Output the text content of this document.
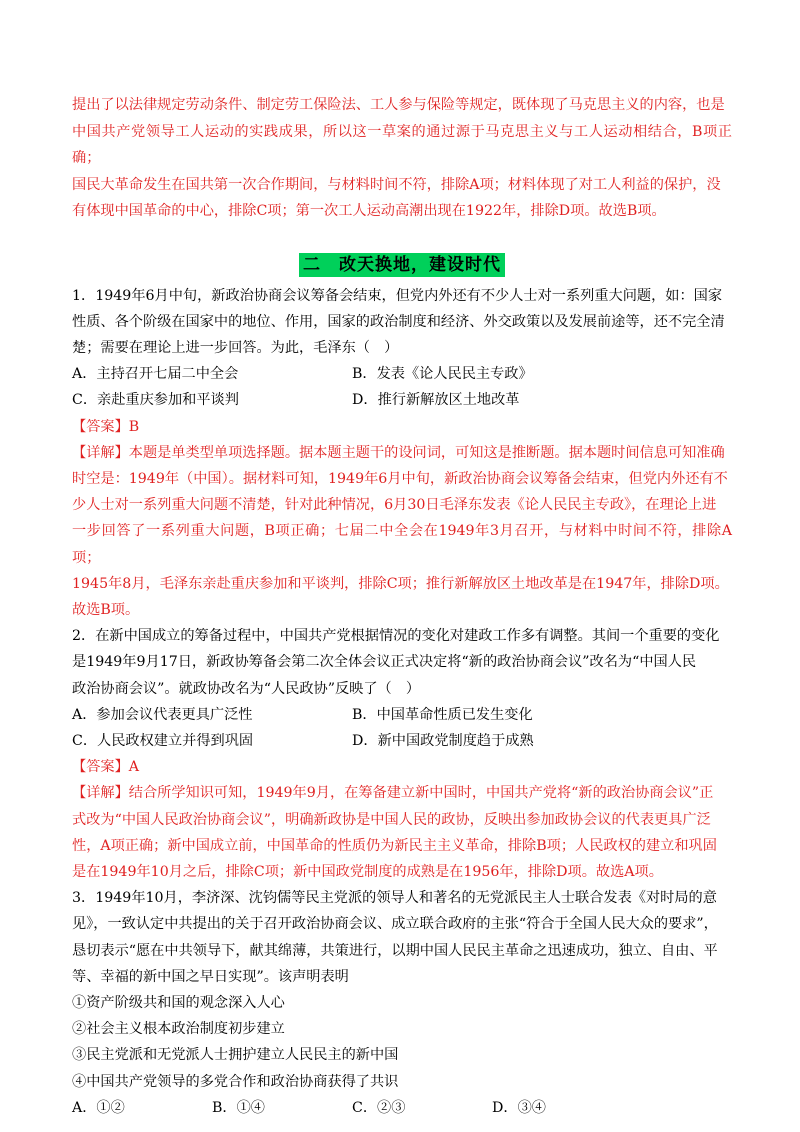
提出了以法律规定劳动条件、制定劳工保险法、工人参与保险等规定，既体现了马克思主义的内容，也是

中国共产党领导工人运动的实践成果，所以这一草案的通过源于马克思主义与工人运动相结合，B项正确；

国民大革命发生在国共第一次合作期间，与材料时间不符，排除A项；材料体现了对工人利益的保护，没

有体现中国革命的中心，排除C项；第一次工人运动高潮出现在1922年，排除D项。故选B项。

二　改天换地，建设时代

1．1949年6月中旬，新政治协商会议筹备会结束，但党内外还有不少人士对一系列重大问题，如：国家

性质、各个阶级在国家中的地位、作用，国家的政治制度和经济、外交政策以及发展前途等，还不完全清

楚；需要在理论上进一步回答。为此，毛泽东（　）

A．主持召开七届二中全会	B．发表《论人民民主专政》

C．亲赴重庆参加和平谈判	D．推行新解放区土地改革

【答案】B

【详解】本题是单类型单项选择题。据本题主题干的设问词，可知这是推断题。据本题时间信息可知准确

时空是：1949年（中国）。据材料可知，1949年6月中旬，新政治协商会议筹备会结束，但党内外还有不

少人士对一系列重大问题不清楚，针对此种情况，6月30日毛泽东发表《论人民民主专政》，在理论上进

一步回答了一系列重大问题，B项正确；七届二中全会在1949年3月召开，与材料中时间不符，排除A项；

1945年8月，毛泽东亲赴重庆参加和平谈判，排除C项；推行新解放区土地改革是在1947年，排除D项。

故选B项。

2．在新中国成立的筹备过程中，中国共产党根据情况的变化对建政工作多有调整。其间一个重要的变化

是1949年9月17日，新政协筹备会第二次全体会议正式决定将“新的政治协商会议”改名为“中国人民

政治协商会议”。就政协改名为“人民政协”反映了（　）

A．参加会议代表更具广泛性	B．中国革命性质已发生变化

C．人民政权建立并得到巩固	D．新中国政党制度趋于成熟

【答案】A

【详解】结合所学知识可知，1949年9月，在筹备建立新中国时，中国共产党将“新的政治协商会议”正

式改为“中国人民政治协商会议”，明确新政协是中国人民的政协，反映出参加政协会议的代表更具广泛

性，A项正确；新中国成立前，中国革命的性质仍为新民主主义革命，排除B项；人民政权的建立和巩固

是在1949年10月之后，排除C项；新中国政党制度的成熟是在1956年，排除D项。故选A项。

3．1949年10月，李济深、沈钧儒等民主党派的领导人和著名的无党派民主人士联合发表《对时局的意

见》，一致认定中共提出的关于召开政治协商会议、成立联合政府的主张“符合于全国人民大众的要求”，

恳切表示“愿在中共领导下，献其绵薄，共策进行，以期中国人民民主革命之迅速成功，独立、自由、平

等、幸福的新中国之早日实现”。该声明表明

①资产阶级共和国的观念深入人心

②社会主义根本政治制度初步建立

③民主党派和无党派人士拥护建立人民民主的新中国

④中国共产党领导的多党合作和政治协商获得了共识

A．①②	B．①④	C．②③	D．③④
